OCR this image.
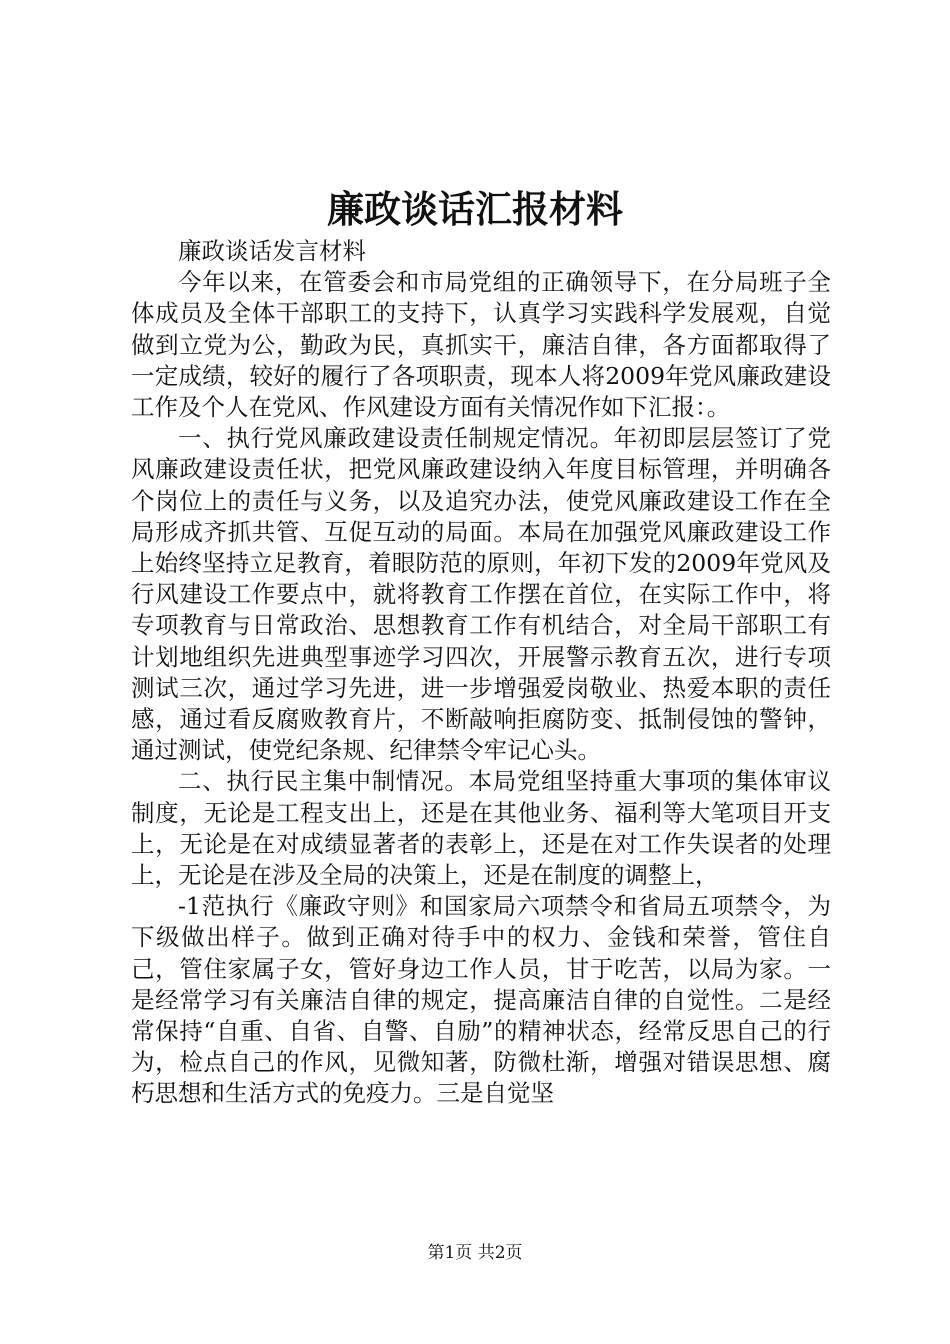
廉政谈话汇报材料

廉政谈话发言材料

今年以来，在管委会和市局党组的正确领导下，在分局班子全体成员及全体干部职工的支持下，认真学习实践科学发展观，自觉做到立党为公，勤政为民，真抓实干，廉洁自律，各方面都取得了一定成绩，较好的履行了各项职责，现本人将2009年党风廉政建设工作及个人在党风、作风建设方面有关情况作如下汇报：。

一、执行党风廉政建设责任制规定情况。年初即层层签订了党风廉政建设责任状，把党风廉政建设纳入年度目标管理，并明确各个岗位上的责任与义务，以及追究办法，使党风廉政建设工作在全局形成齐抓共管、互促互动的局面。本局在加强党风廉政建设工作上始终坚持立足教育，着眼防范的原则，年初下发的2009年党风及行风建设工作要点中，就将教育工作摆在首位，在实际工作中，将专项教育与日常政治、思想教育工作有机结合，对全局干部职工有计划地组织先进典型事迹学习四次，开展警示教育五次，进行专项测试三次，通过学习先进，进一步增强爱岗敬业、热爱本职的责任感，通过看反腐败教育片，不断敲响拒腐防变、抵制侵蚀的警钟，通过测试，使党纪条规、纪律禁令牢记心头。

二、执行民主集中制情况。本局党组坚持重大事项的集体审议制度，无论是工程支出上，还是在其他业务、福利等大笔项目开支上，无论是在对成绩显著者的表彰上，还是在对工作失误者的处理上，无论是在涉及全局的决策上，还是在制度的调整上，

-1范执行《廉政守则》和国家局六项禁令和省局五项禁令，为下级做出样子。做到正确对待手中的权力、金钱和荣誉，管住自己，管住家属子女，管好身边工作人员，甘于吃苦，以局为家。一是经常学习有关廉洁自律的规定，提高廉洁自律的自觉性。二是经常保持“自重、自省、自警、自励”的精神状态，经常反思自己的行为，检点自己的作风，见微知著，防微杜渐，增强对错误思想、腐朽思想和生活方式的免疫力。三是自觉坚

第1页 共2页
